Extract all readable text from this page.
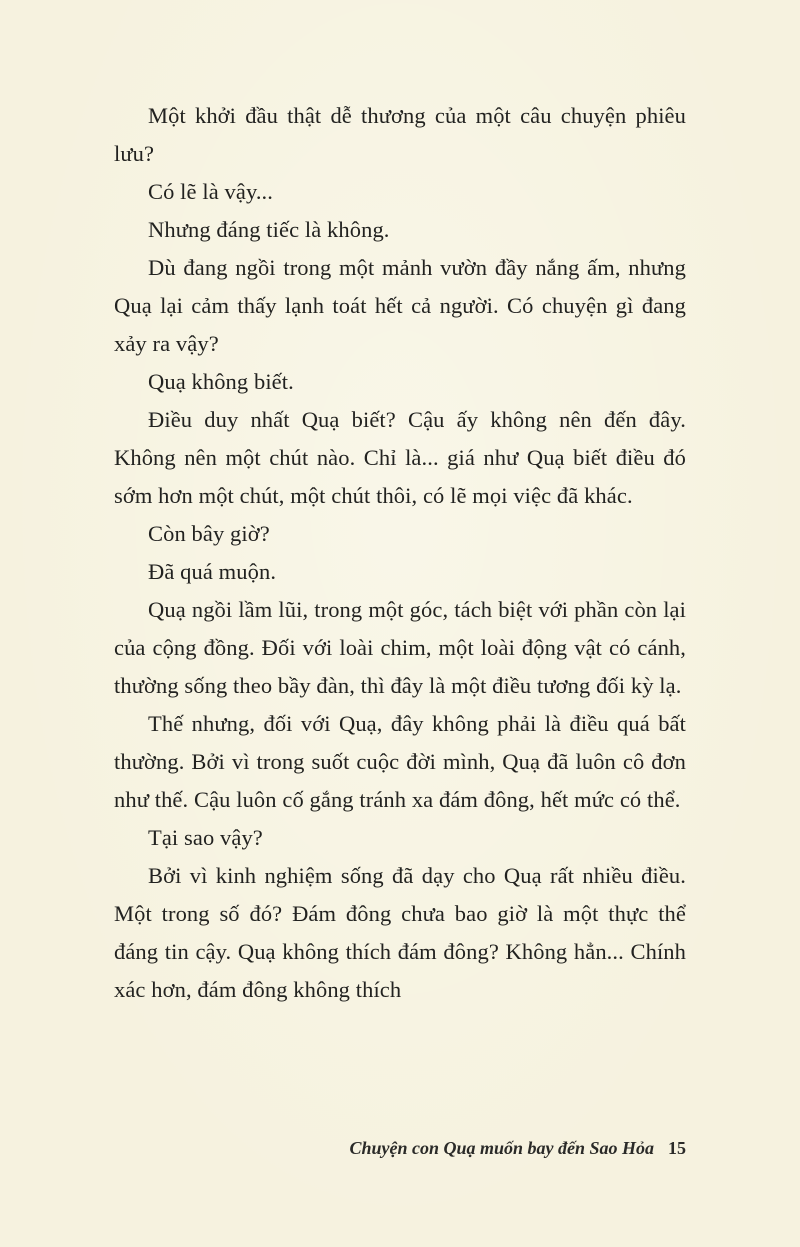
Một khởi đầu thật dễ thương của một câu chuyện phiêu lưu?

Có lẽ là vậy...

Nhưng đáng tiếc là không.

Dù đang ngồi trong một mảnh vườn đầy nắng ấm, nhưng Quạ lại cảm thấy lạnh toát hết cả người. Có chuyện gì đang xảy ra vậy?

Quạ không biết.

Điều duy nhất Quạ biết? Cậu ấy không nên đến đây. Không nên một chút nào. Chỉ là... giá như Quạ biết điều đó sớm hơn một chút, một chút thôi, có lẽ mọi việc đã khác.

Còn bây giờ?

Đã quá muộn.

Quạ ngồi lầm lũi, trong một góc, tách biệt với phần còn lại của cộng đồng. Đối với loài chim, một loài động vật có cánh, thường sống theo bầy đàn, thì đây là một điều tương đối kỳ lạ.

Thế nhưng, đối với Quạ, đây không phải là điều quá bất thường. Bởi vì trong suốt cuộc đời mình, Quạ đã luôn cô đơn như thế. Cậu luôn cố gắng tránh xa đám đông, hết mức có thể.

Tại sao vậy?

Bởi vì kinh nghiệm sống đã dạy cho Quạ rất nhiều điều. Một trong số đó? Đám đông chưa bao giờ là một thực thể đáng tin cậy. Quạ không thích đám đông? Không hẳn... Chính xác hơn, đám đông không thích

Chuyện con Quạ muốn bay đến Sao Hỏa 15
